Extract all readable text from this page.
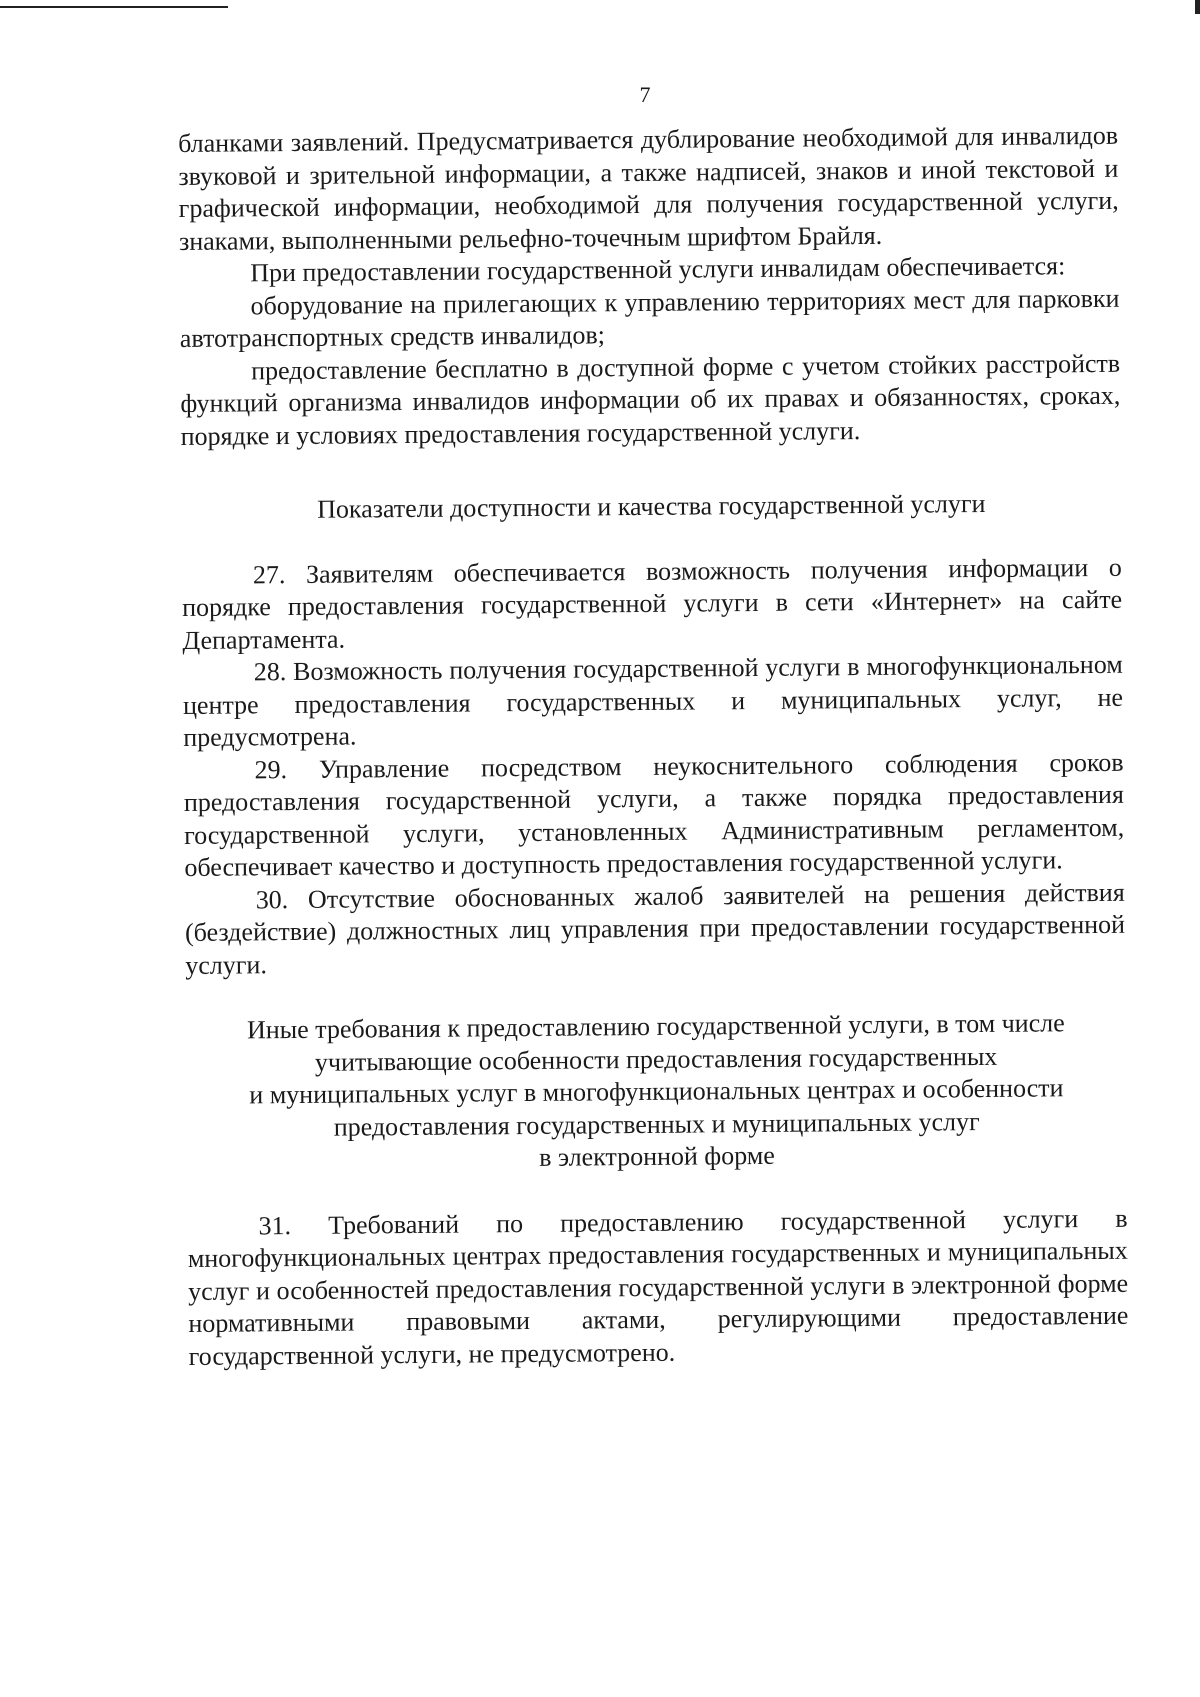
7

бланками заявлений. Предусматривается дублирование необходимой для инвалидов звуковой и зрительной информации, а также надписей, знаков и иной текстовой и графической информации, необходимой для получения государственной услуги, знаками, выполненными рельефно-точечным шрифтом Брайля.

При предоставлении государственной услуги инвалидам обеспечивается:

оборудование на прилегающих к управлению территориях мест для парковки автотранспортных средств инвалидов;

предоставление бесплатно в доступной форме с учетом стойких расстройств функций организма инвалидов информации об их правах и обязанностях, сроках, порядке и условиях предоставления государственной услуги.

Показатели доступности и качества государственной услуги

27. Заявителям обеспечивается возможность получения информации о порядке предоставления государственной услуги в сети «Интернет» на сайте Департамента.

28. Возможность получения государственной услуги в многофункциональном центре предоставления государственных и муниципальных услуг, не предусмотрена.

29. Управление посредством неукоснительного соблюдения сроков предоставления государственной услуги, а также порядка предоставления государственной услуги, установленных Административным регламентом, обеспечивает качество и доступность предоставления государственной услуги.

30. Отсутствие обоснованных жалоб заявителей на решения действия (бездействие) должностных лиц управления при предоставлении государственной услуги.

Иные требования к предоставлению государственной услуги, в том числе
учитывающие особенности предоставления государственных
и муниципальных услуг в многофункциональных центрах и особенности
предоставления государственных и муниципальных услуг
в электронной форме

31. Требований по предоставлению государственной услуги в многофункциональных центрах предоставления государственных и муниципальных услуг и особенностей предоставления государственной услуги в электронной форме нормативными правовыми актами, регулирующими предоставление государственной услуги, не предусмотрено.
